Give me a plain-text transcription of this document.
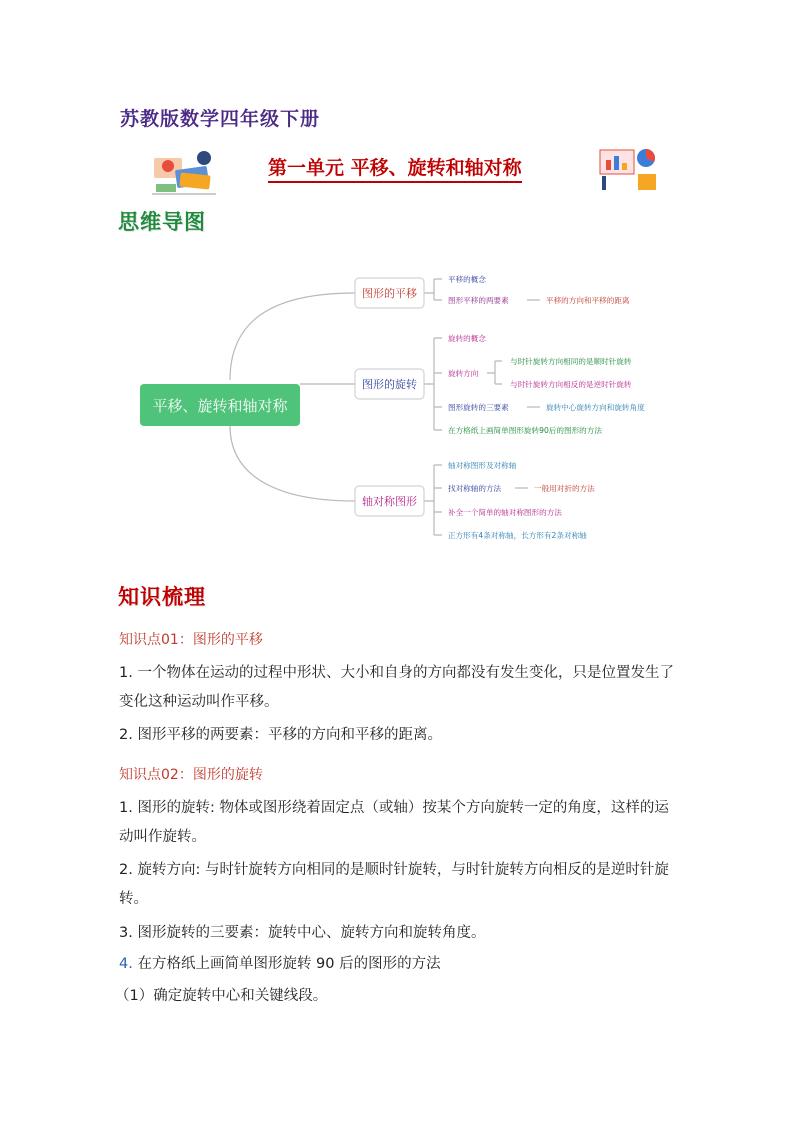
苏教版数学四年级下册
第一单元 平移、旋转和轴对称
思维导图
平移、旋转和轴对称
图形的平移
图形的旋转
轴对称图形
平移的概念
图形平移的两要素	平移的方向和平移的距离
旋转的概念
旋转方向
与时针旋转方向相同的是顺时针旋转
与时针旋转方向相反的是逆时针旋转
图形旋转的三要素	旋转中心旋转方向和旋转角度
在方格纸上画简单图形旋转90后的图形的方法
轴对称图形及对称轴
找对称轴的方法	一般用对折的方法
补全一个简单的轴对称图形的方法
正方形有4条对称轴，长方形有2条对称轴
知识梳理
知识点01：图形的平移
1. 一个物体在运动的过程中形状、大小和自身的方向都没有发生变化，只是位置发生了变化这种运动叫作平移。
2. 图形平移的两要素：平移的方向和平移的距离。
知识点02：图形的旋转
1. 图形的旋转: 物体或图形绕着固定点（或轴）按某个方向旋转一定的角度，这样的运动叫作旋转。
2. 旋转方向: 与时针旋转方向相同的是顺时针旋转，与时针旋转方向相反的是逆时针旋转。
3. 图形旋转的三要素：旋转中心、旋转方向和旋转角度。
4. 在方格纸上画简单图形旋转 90 后的图形的方法
（1）确定旋转中心和关键线段。
